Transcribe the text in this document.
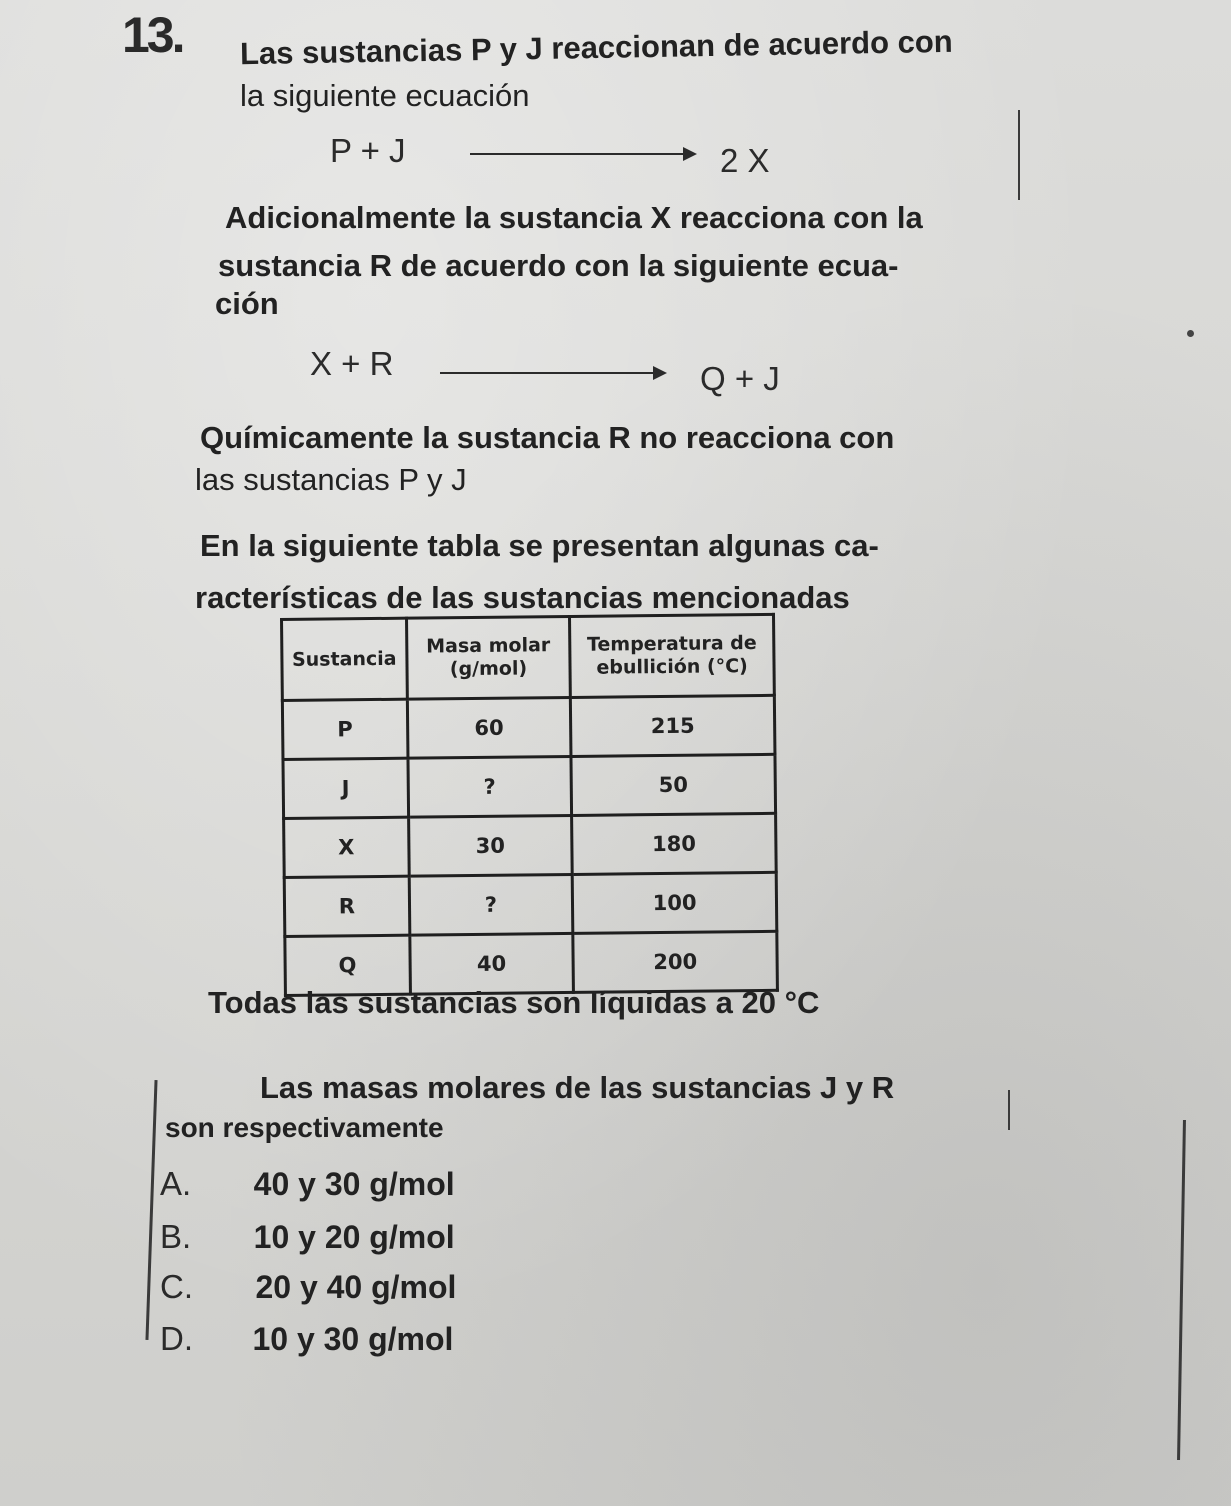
13. Las sustancias P y J reaccionan de acuerdo con
la siguiente ecuación
P + J	2 X
Adicionalmente la sustancia X reacciona con la
sustancia R de acuerdo con la siguiente ecua-
ción
X + R	Q + J
Químicamente la sustancia R no reacciona con
las sustancias P y J
En la siguiente tabla se presentan algunas ca-
racterísticas de las sustancias mencionadas
Sustancia	Masa molar (g/mol)	Temperatura de ebullición (°C)
P	60	215
J	?	50
X	30	180
R	?	100
Q	40	200
Todas las sustancias son líquidas a 20 °C
Las masas molares de las sustancias J y R
son respectivamente
A. 40 y 30 g/mol
B. 10 y 20 g/mol
C. 20 y 40 g/mol
D. 10 y 30 g/mol
